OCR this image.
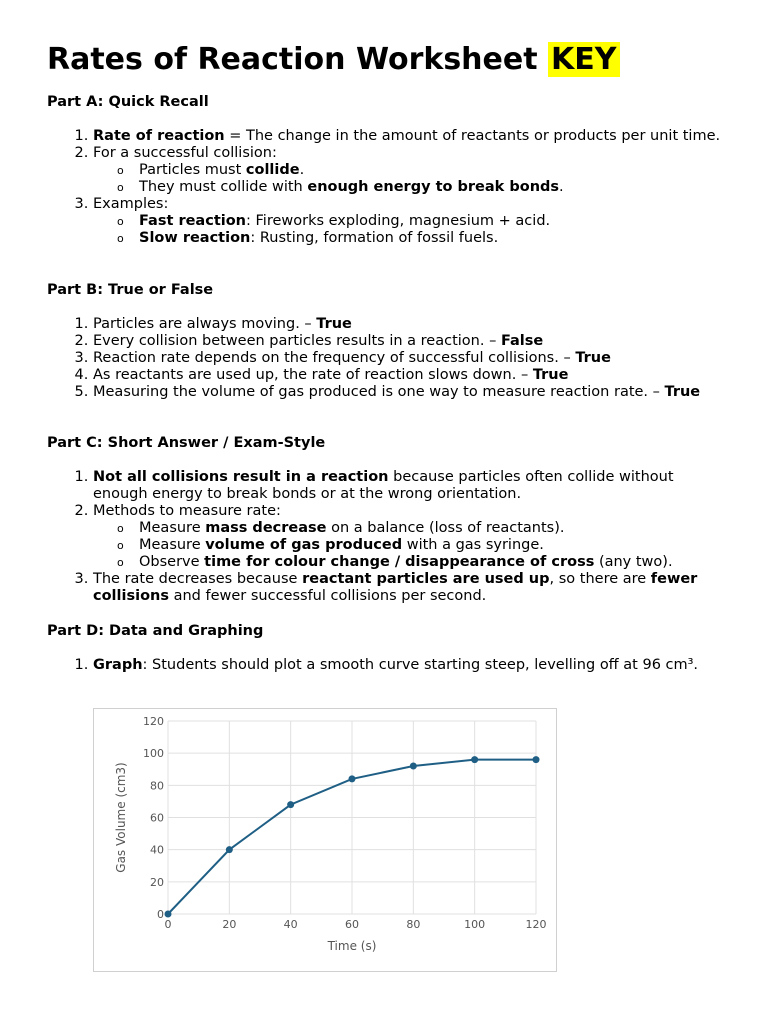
Rates of Reaction Worksheet KEY

Part A: Quick Recall

1. Rate of reaction = The change in the amount of reactants or products per unit time.
2. For a successful collision:
o Particles must collide.
o They must collide with enough energy to break bonds.
3. Examples:
o Fast reaction: Fireworks exploding, magnesium + acid.
o Slow reaction: Rusting, formation of fossil fuels.

Part B: True or False

1. Particles are always moving. – True
2. Every collision between particles results in a reaction. – False
3. Reaction rate depends on the frequency of successful collisions. – True
4. As reactants are used up, the rate of reaction slows down. – True
5. Measuring the volume of gas produced is one way to measure reaction rate. – True

Part C: Short Answer / Exam-Style

1. Not all collisions result in a reaction because particles often collide without enough energy to break bonds or at the wrong orientation.
2. Methods to measure rate:
o Measure mass decrease on a balance (loss of reactants).
o Measure volume of gas produced with a gas syringe.
o Observe time for colour change / disappearance of cross (any two).
3. The rate decreases because reactant particles are used up, so there are fewer collisions and fewer successful collisions per second.

Part D: Data and Graphing

1. Graph: Students should plot a smooth curve starting steep, levelling off at 96 cm³.
0
20
40
60
80
100
120
0	20	40	60	80	100	120
Time (s)
Gas Volume (cm3)
